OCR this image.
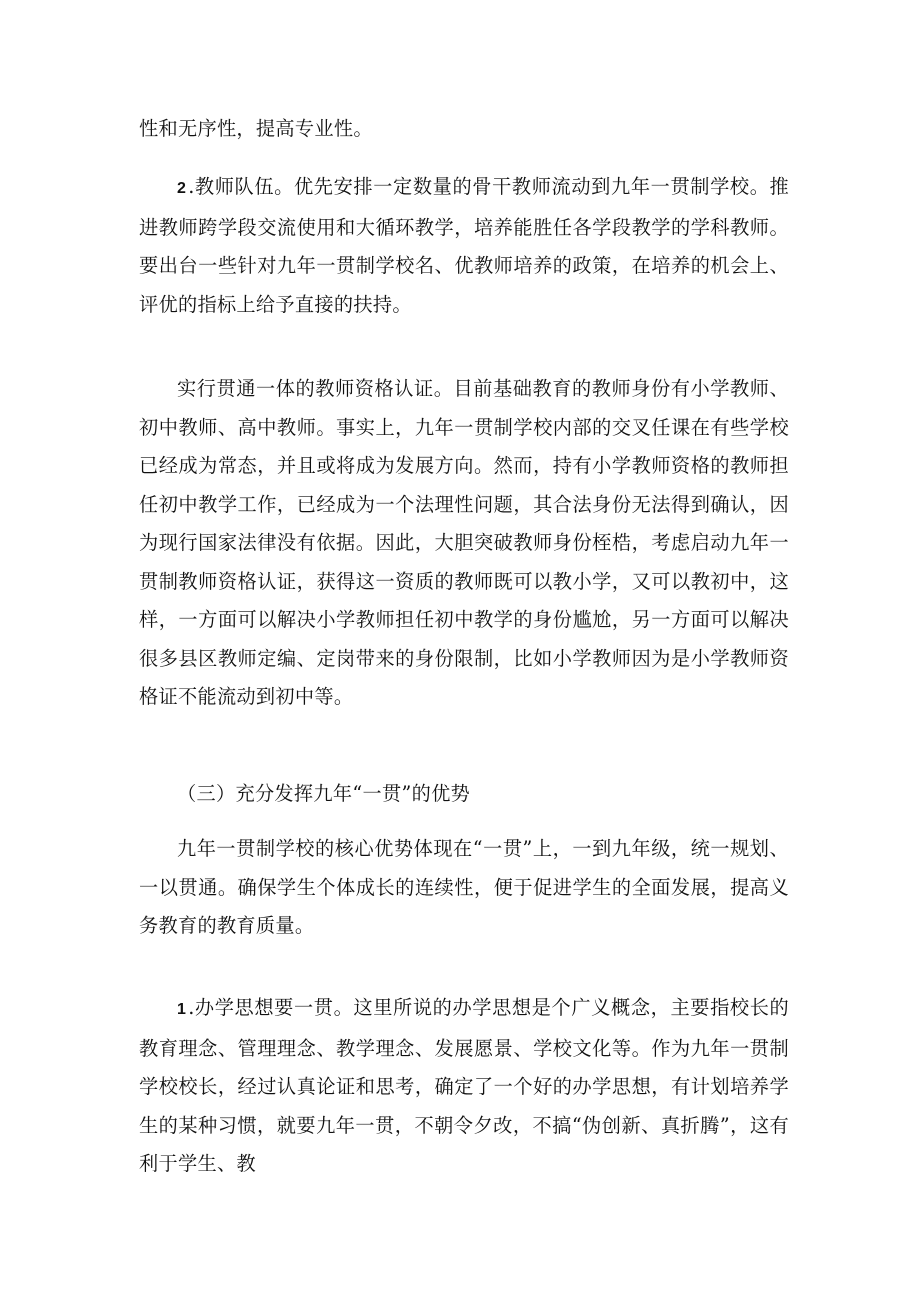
性和无序性，提高专业性。

2 .教师队伍。优先安排一定数量的骨干教师流动到九年一贯制学校。推进教师跨学段交流使用和大循环教学，培养能胜任各学段教学的学科教师。要出台一些针对九年一贯制学校名、优教师培养的政策，在培养的机会上、评优的指标上给予直接的扶持。

实行贯通一体的教师资格认证。目前基础教育的教师身份有小学教师、初中教师、高中教师。事实上，九年一贯制学校内部的交叉任课在有些学校已经成为常态，并且或将成为发展方向。然而，持有小学教师资格的教师担任初中教学工作，已经成为一个法理性问题，其合法身份无法得到确认，因为现行国家法律没有依据。因此，大胆突破教师身份桎梏，考虑启动九年一贯制教师资格认证，获得这一资质的教师既可以教小学，又可以教初中，这样，一方面可以解决小学教师担任初中教学的身份尴尬，另一方面可以解决很多县区教师定编、定岗带来的身份限制，比如小学教师因为是小学教师资格证不能流动到初中等。

（三）充分发挥九年“一贯”的优势

九年一贯制学校的核心优势体现在“一贯”上，一到九年级，统一规划、一以贯通。确保学生个体成长的连续性，便于促进学生的全面发展，提高义务教育的教育质量。

1 .办学思想要一贯。这里所说的办学思想是个广义概念，主要指校长的教育理念、管理理念、教学理念、发展愿景、学校文化等。作为九年一贯制学校校长，经过认真论证和思考，确定了一个好的办学思想，有计划培养学生的某种习惯，就要九年一贯，不朝令夕改，不搞“伪创新、真折腾”，这有利于学生、教
